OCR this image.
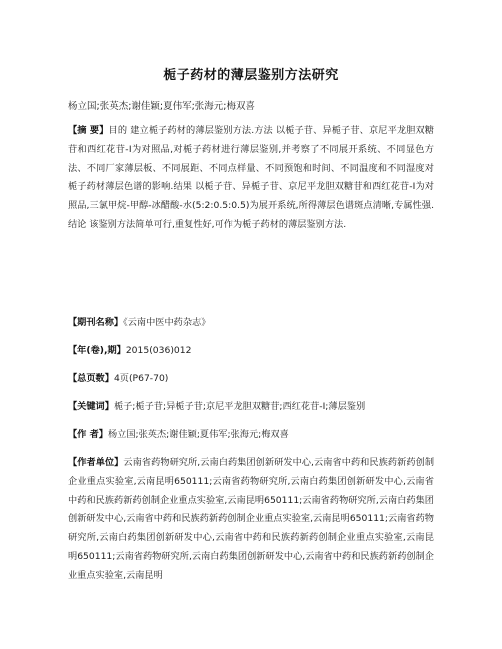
栀子药材的薄层鉴别方法研究
杨立国;张英杰;谢佳颖;夏伟军;张海元;梅双喜
【摘 要】目的 建立栀子药材的薄层鉴别方法.方法 以栀子苷、异栀子苷、京尼平龙胆双糖苷和西红花苷-Ⅰ为对照品,对栀子药材进行薄层鉴别,并考察了不同展开系统、不同显色方法、不同厂家薄层板、不同展距、不同点样量、不同预饱和时间、不同温度和不同湿度对栀子药材薄层色谱的影响.结果 以栀子苷、异栀子苷、京尼平龙胆双糖苷和西红花苷-Ⅰ为对照品,三氯甲烷-甲醇-冰醋酸-水(5:2:0.5:0.5)为展开系统,所得薄层色谱斑点清晰,专属性强.结论 该鉴别方法简单可行,重复性好,可作为栀子药材的薄层鉴别方法.
【期刊名称】《云南中医中药杂志》
【年(卷),期】2015(036)012
【总页数】4页(P67-70)
【关键词】栀子;栀子苷;异栀子苷;京尼平龙胆双糖苷;西红花苷-Ⅰ;薄层鉴别
【作 者】杨立国;张英杰;谢佳颖;夏伟军;张海元;梅双喜
【作者单位】云南省药物研究所,云南白药集团创新研发中心,云南省中药和民族药新药创制企业重点实验室,云南昆明650111;云南省药物研究所,云南白药集团创新研发中心,云南省中药和民族药新药创制企业重点实验室,云南昆明650111;云南省药物研究所,云南白药集团创新研发中心,云南省中药和民族药新药创制企业重点实验室,云南昆明650111;云南省药物研究所,云南白药集团创新研发中心,云南省中药和民族药新药创制企业重点实验室,云南昆明650111;云南省药物研究所,云南白药集团创新研发中心,云南省中药和民族药新药创制企业重点实验室,云南昆明
